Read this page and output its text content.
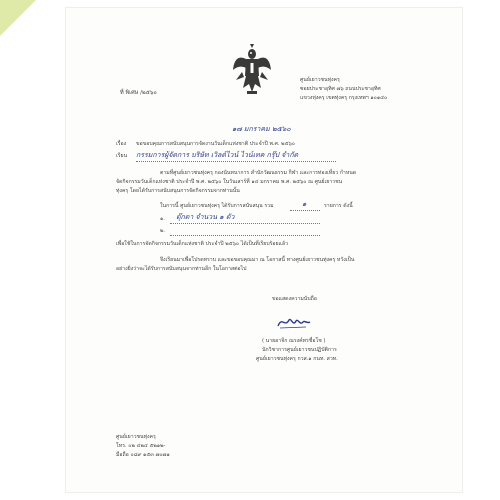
ที่ พิเศษ /๒๕๖๐
ศูนย์เยาวชนทุ่งครุ
ซอยประชาอุทิศ ๗๖ ถนนประชาอุทิศ
แขวงทุ่งครุ เขตทุ่งครุ กรุงเทพฯ ๑๐๑๔๐
๑๗ มกราคม ๒๕๖๐
เรื่อง ขอขอบคุณการสนับสนุนการจัดงานวันเด็กแห่งชาติ ประจำปี พ.ศ. ๒๕๖๐
เรียน กรรมการผู้จัดการ บริษัท เวิลด์ไวน์ ไวน์เทค กรุ๊ป จำกัด
ตามที่ศูนย์เยาวชนทุ่งครุ กองนันทนาการ สำนักวัฒนธรรม กีฬา และการท่องเที่ยว กำหนด
จัดกิจกรรมวันเด็กแห่งชาติ ประจำปี พ.ศ. ๒๕๖๐ ในวันเสาร์ที่ ๑๔ มกราคม พ.ศ. ๒๕๖๐ ณ ศูนย์เยาวชน
ทุ่งครุ โดยได้รับการสนับสนุนการจัดกิจกรรมจากท่านนั้น
ในการนี้ ศูนย์เยาวชนทุ่งครุ ได้รับการสนับสนุน รวม	๑	รายการ ดังนี้
๑. ตุ๊กตา จำนวน ๑ ตัว
๒.
เพื่อใช้ในการจัดกิจกรรมวันเด็กแห่งชาติ ประจำปี ๒๕๖๐ ได้เป็นที่เรียบร้อยแล้ว
จึงเรียนมาเพื่อโปรดทราบ และขอขอบคุณมา ณ โอกาสนี้ ทางศูนย์เยาวชนทุ่งครุ หวังเป็น
อย่างยิ่งว่าจะได้รับการสนับสนุนจากท่านอีก ในโอกาสต่อไป
ขอแสดงความนับถือ
( นายอาจีก ณรงค์ทรชื่อโช )
นักวิชาการศูนย์เยาวชนปฏิบัติการ
ศูนย์เยาวชนทุ่งครุ กวส.๑ กนท. สวท.
ศูนย์เยาวชนทุ่งครุ
โทร. ๐๒ ๔๒๔ ๕๒๑๒-
มือถือ ๐๘๙ ๑๕๓ ๗๐๗๑
